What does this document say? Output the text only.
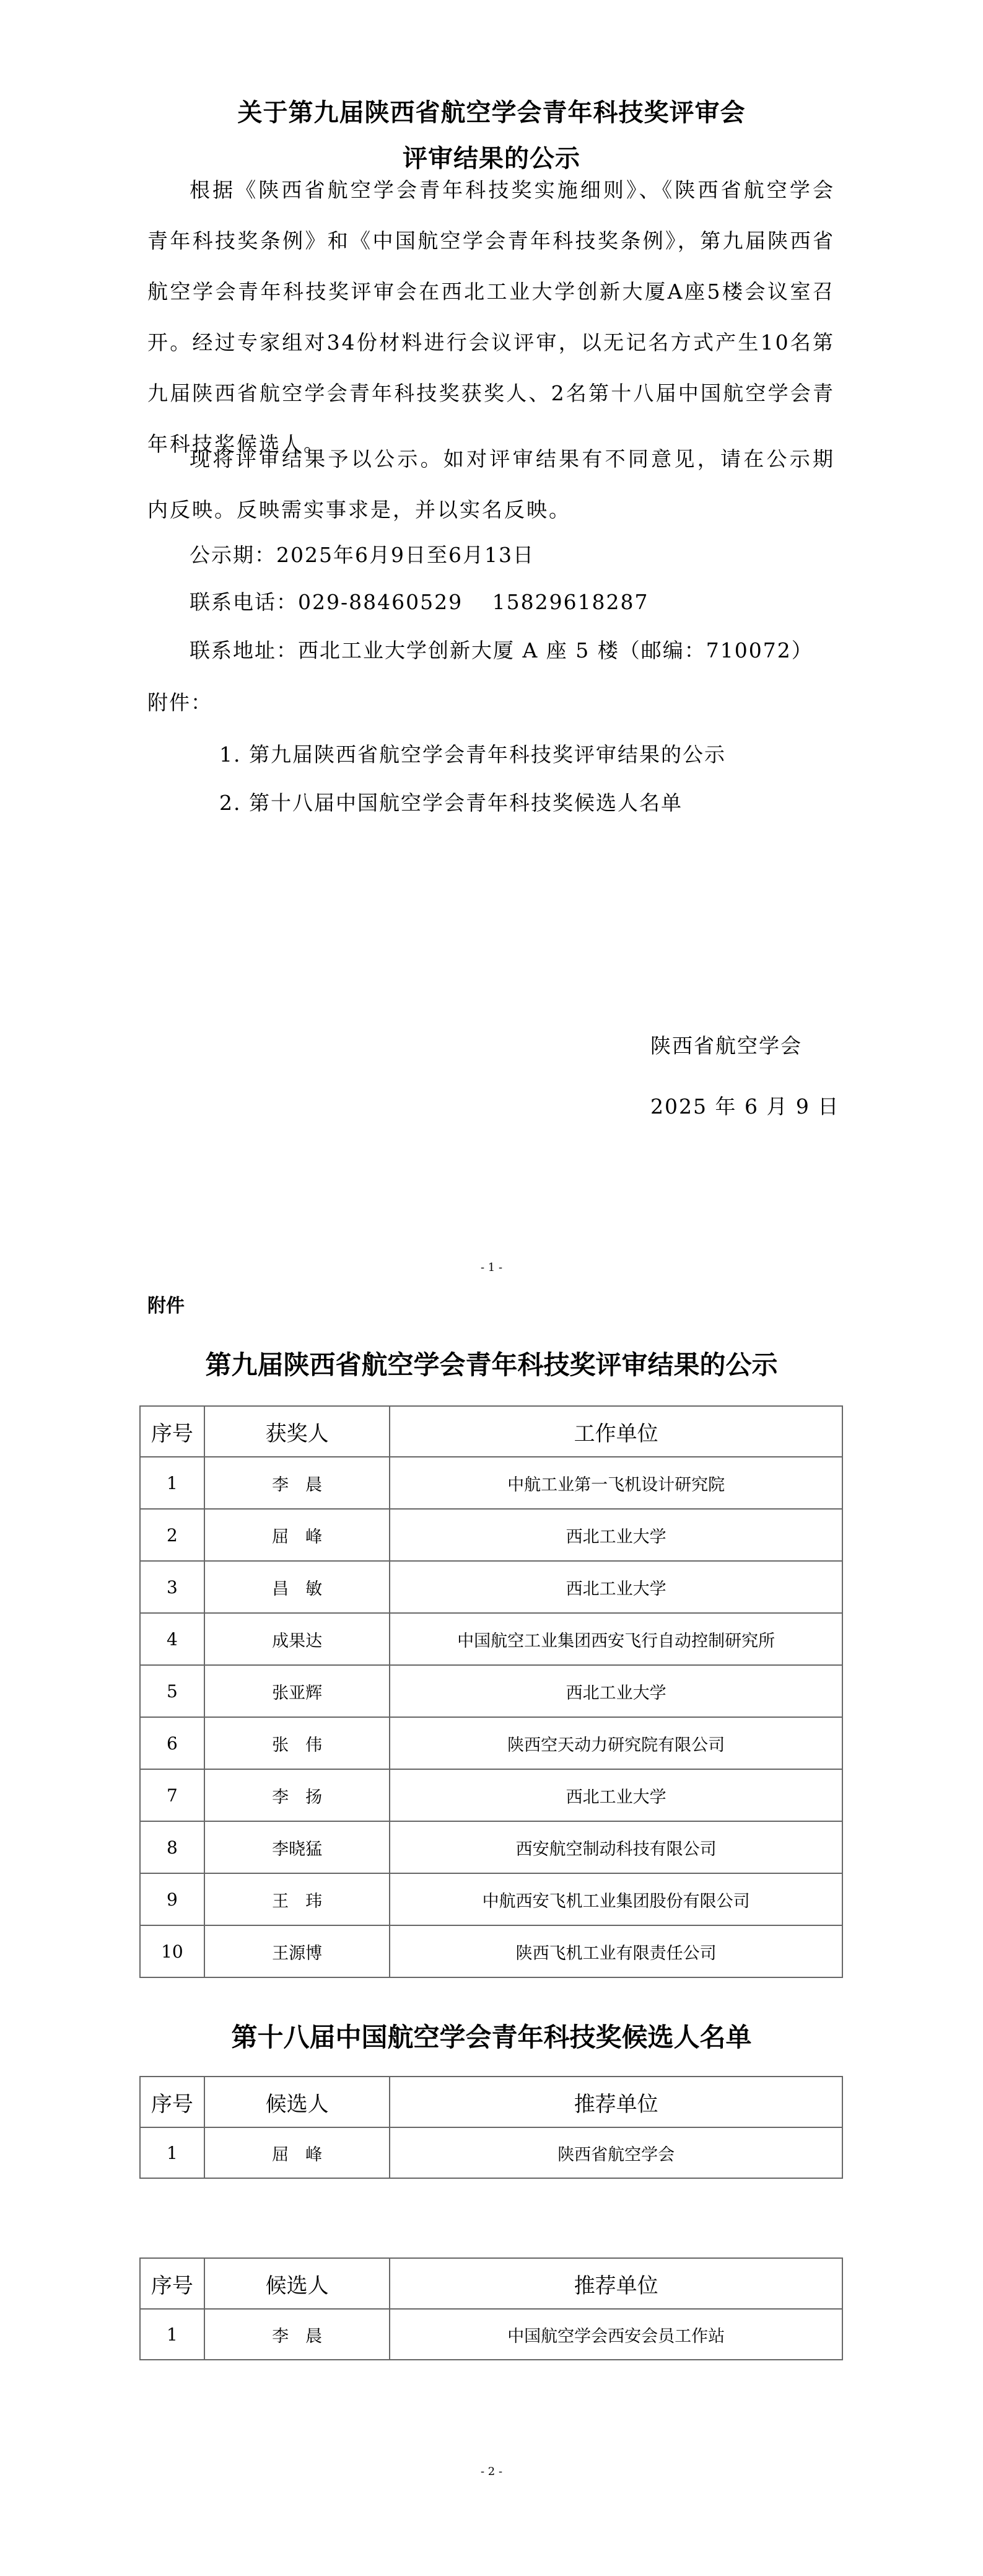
关于第九届陕西省航空学会青年科技奖评审会
评审结果的公示
根据《陕西省航空学会青年科技奖实施细则》、《陕西省航空学会青年科技奖条例》和《中国航空学会青年科技奖条例》，第九届陕西省航空学会青年科技奖评审会在西北工业大学创新大厦A座5楼会议室召开。经过专家组对34份材料进行会议评审，以无记名方式产生10名第九届陕西省航空学会青年科技奖获奖人、2名第十八届中国航空学会青年科技奖候选人。
现将评审结果予以公示。如对评审结果有不同意见，请在公示期内反映。反映需实事求是，并以实名反映。
公示期：2025年6月9日至6月13日
联系电话：029-88460529　 15829618287
联系地址：西北工业大学创新大厦 A 座 5 楼（邮编：710072）
附件：
1. 第九届陕西省航空学会青年科技奖评审结果的公示
2. 第十八届中国航空学会青年科技奖候选人名单
陕西省航空学会
2025 年 6 月 9 日
- 1 -
附件
第九届陕西省航空学会青年科技奖评审结果的公示
序号	获奖人	工作单位
1	李　晨	中航工业第一飞机设计研究院
2	屈　峰	西北工业大学
3	昌　敏	西北工业大学
4	成果达	中国航空工业集团西安飞行自动控制研究所
5	张亚辉	西北工业大学
6	张　伟	陕西空天动力研究院有限公司
7	李　扬	西北工业大学
8	李晓猛	西安航空制动科技有限公司
9	王　玮	中航西安飞机工业集团股份有限公司
10	王源博	陕西飞机工业有限责任公司
第十八届中国航空学会青年科技奖候选人名单
序号	候选人	推荐单位
1	屈　峰	陕西省航空学会
序号	候选人	推荐单位
1	李　晨	中国航空学会西安会员工作站
- 2 -
